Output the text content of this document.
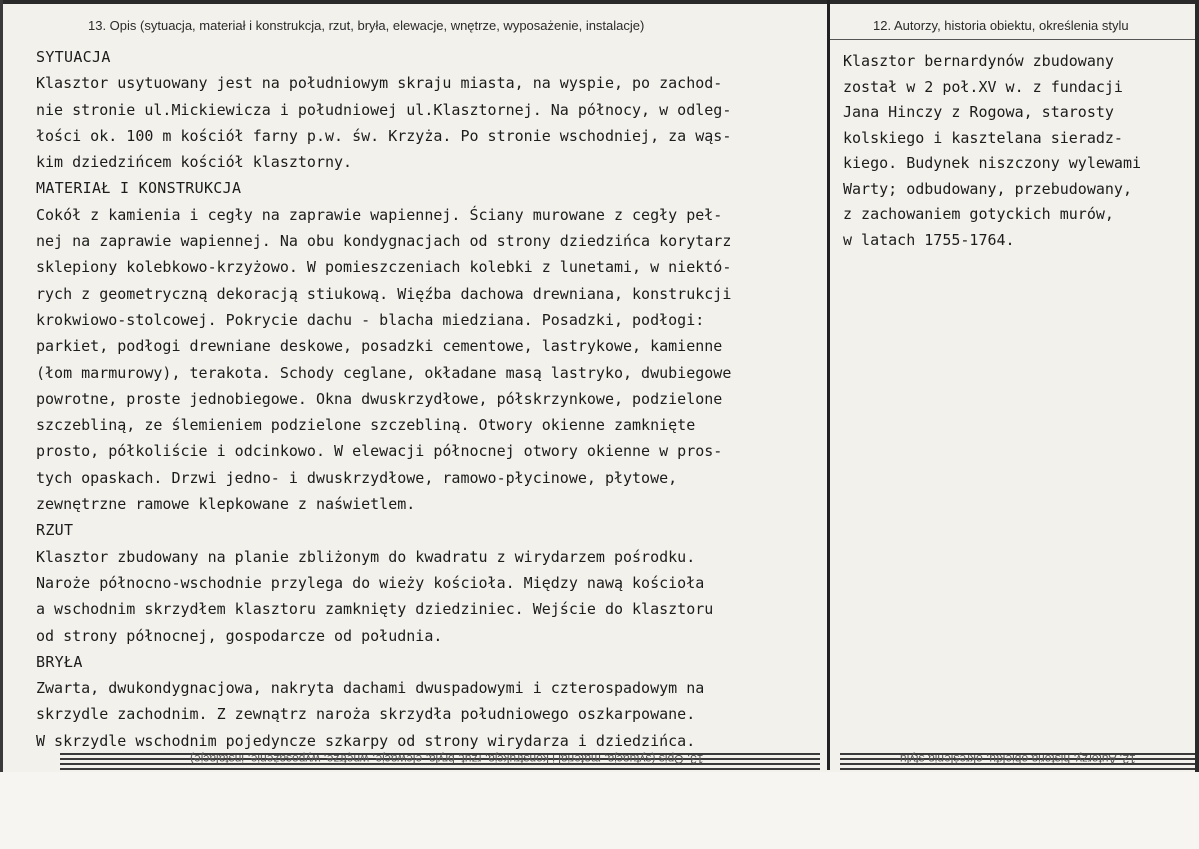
13. Opis (sytuacja, materiał i konstrukcja, rzut, bryła, elewacje, wnętrze, wyposażenie, instalacje)	12. Autorzy, historia obiektu, określenia stylu
SYTUACJA
Klasztor usytuowany jest na południowym skraju miasta, na wyspie, po zachod-
nie stronie ul.Mickiewicza i południowej ul.Klasztornej. Na północy, w odleg-
łości ok. 100 m kościół farny p.w. św. Krzyża. Po stronie wschodniej, za wąs-
kim dziedzińcem kościół klasztorny.
MATERIAŁ I KONSTRUKCJA
Cokół z kamienia i cegły na zaprawie wapiennej. Ściany murowane z cegły peł-
nej na zaprawie wapiennej. Na obu kondygnacjach od strony dziedzińca korytarz
sklepiony kolebkowo-krzyżowo. W pomieszczeniach kolebki z lunetami, w niektó-
rych z geometryczną dekoracją stiukową. Więźba dachowa drewniana, konstrukcji
krokwiowo-stolcowej. Pokrycie dachu - blacha miedziana. Posadzki, podłogi:
parkiet, podłogi drewniane deskowe, posadzki cementowe, lastrykowe, kamienne
(łom marmurowy), terakota. Schody ceglane, okładane masą lastryko, dwubiegowe
powrotne, proste jednobiegowe. Okna dwuskrzydłowe, półskrzynkowe, podzielone
szczebliną, ze ślemieniem podzielone szczebliną. Otwory okienne zamknięte
prosto, półkoliście i odcinkowo. W elewacji północnej otwory okienne w pros-
tych opaskach. Drzwi jedno- i dwuskrzydłowe, ramowo-płycinowe, płytowe,
zewnętrzne ramowe klepkowane z naświetlem.
RZUT
Klasztor zbudowany na planie zbliżonym do kwadratu z wirydarzem pośrodku.
Naroże północno-wschodnie przylega do wieży kościoła. Między nawą kościoła
a wschodnim skrzydłem klasztoru zamknięty dziedziniec. Wejście do klasztoru
od strony północnej, gospodarcze od południa.
BRYŁA
Zwarta, dwukondygnacjowa, nakryta dachami dwuspadowymi i czterospadowym na
skrzydle zachodnim. Z zewnątrz naroża skrzydła południowego oszkarpowane.
W skrzydle wschodnim pojedyncze szkarpy od strony wirydarza i dziedzińca.
Klasztor bernardynów zbudowany
został w 2 poł.XV w. z fundacji
Jana Hinczy z Rogowa, starosty
kolskiego i kasztelana sieradz-
kiego. Budynek niszczony wylewami
Warty; odbudowany, przebudowany,
z zachowaniem gotyckich murów,
w latach 1755-1764.
13. Opis (sytuacja, materiał i konstrukcja, rzut, bryła, elewacje, wnętrze, wyposażenie, instalacje)	12. Autorzy, historia obiektu, określenia stylu
